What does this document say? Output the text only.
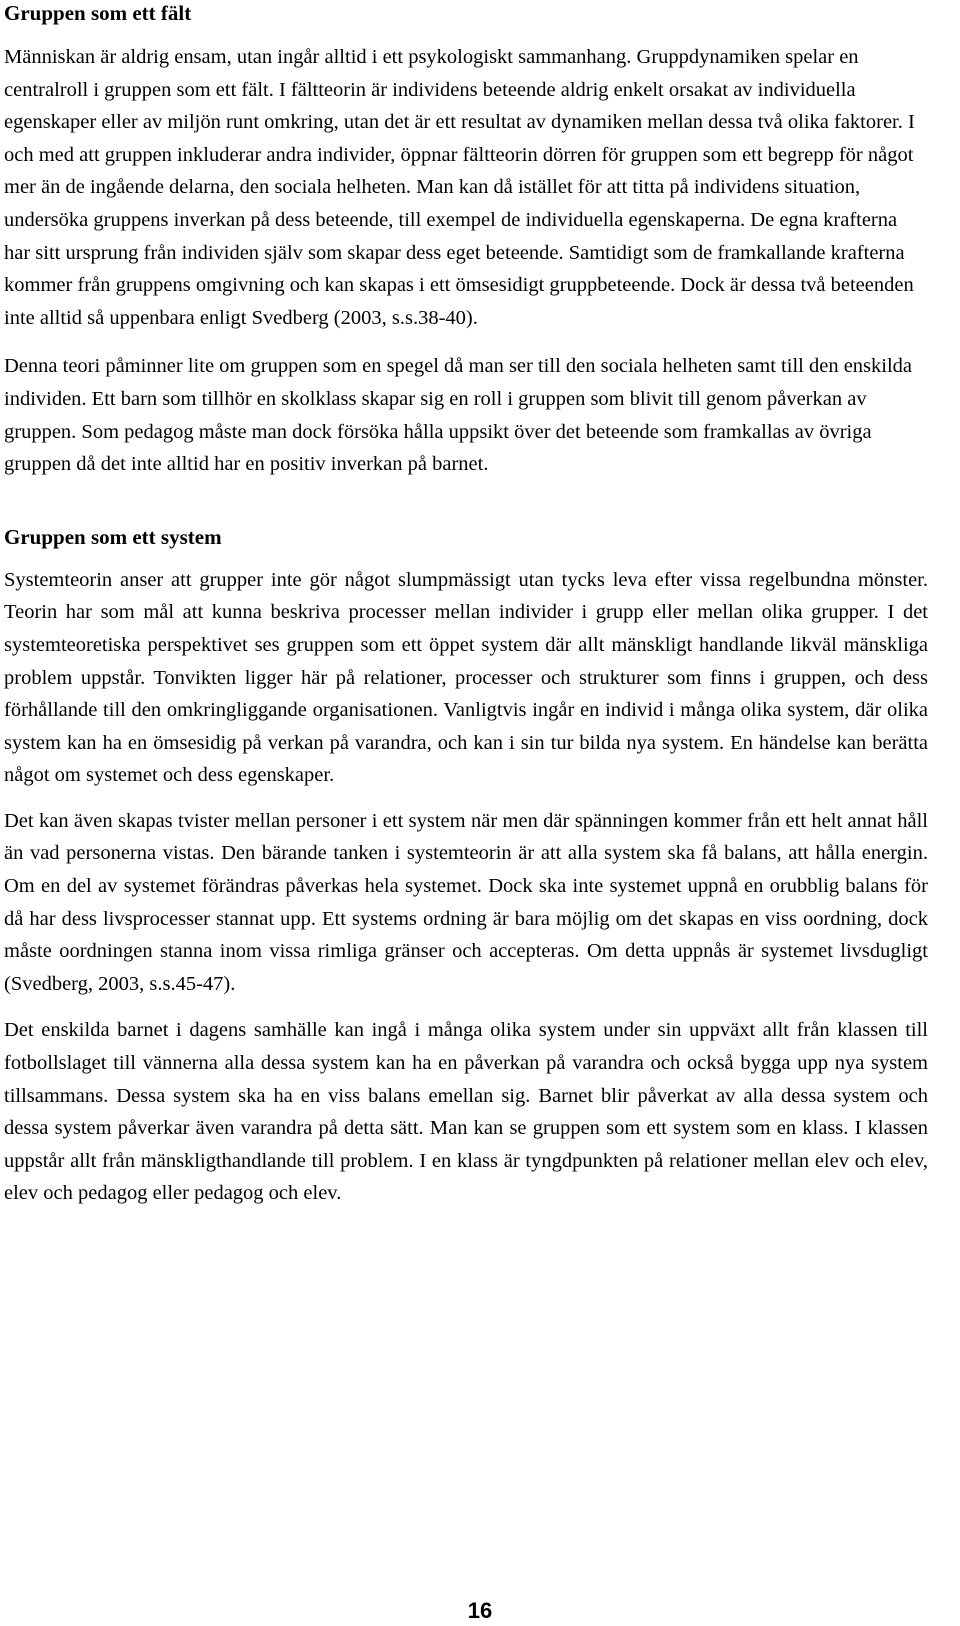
Gruppen som ett fält

Människan är aldrig ensam, utan ingår alltid i ett psykologiskt sammanhang. Gruppdynamiken spelar en centralroll i gruppen som ett fält. I fältteorin är individens beteende aldrig enkelt orsakat av individuella egenskaper eller av miljön runt omkring, utan det är ett resultat av dynamiken mellan dessa två olika faktorer. I och med att gruppen inkluderar andra individer, öppnar fältteorin dörren för gruppen som ett begrepp för något mer än de ingående delarna, den sociala helheten. Man kan då istället för att titta på individens situation, undersöka gruppens inverkan på dess beteende, till exempel de individuella egenskaperna. De egna krafterna har sitt ursprung från individen själv som skapar dess eget beteende. Samtidigt som de framkallande krafterna kommer från gruppens omgivning och kan skapas i ett ömsesidigt gruppbeteende. Dock är dessa två beteenden inte alltid så uppenbara enligt Svedberg (2003, s.s.38-40).

Denna teori påminner lite om gruppen som en spegel då man ser till den sociala helheten samt till den enskilda individen. Ett barn som tillhör en skolklass skapar sig en roll i gruppen som blivit till genom påverkan av gruppen. Som pedagog måste man dock försöka hålla uppsikt över det beteende som framkallas av övriga gruppen då det inte alltid har en positiv inverkan på barnet.

Gruppen som ett system

Systemteorin anser att grupper inte gör något slumpmässigt utan tycks leva efter vissa regelbundna mönster. Teorin har som mål att kunna beskriva processer mellan individer i grupp eller mellan olika grupper. I det systemteoretiska perspektivet ses gruppen som ett öppet system där allt mänskligt handlande likväl mänskliga problem uppstår. Tonvikten ligger här på relationer, processer och strukturer som finns i gruppen, och dess förhållande till den omkringliggande organisationen. Vanligtvis ingår en individ i många olika system, där olika system kan ha en ömsesidig på verkan på varandra, och kan i sin tur bilda nya system. En händelse kan berätta något om systemet och dess egenskaper.

Det kan även skapas tvister mellan personer i ett system när men där spänningen kommer från ett helt annat håll än vad personerna vistas. Den bärande tanken i systemteorin är att alla system ska få balans, att hålla energin. Om en del av systemet förändras påverkas hela systemet. Dock ska inte systemet uppnå en orubblig balans för då har dess livsprocesser stannat upp. Ett systems ordning är bara möjlig om det skapas en viss oordning, dock måste oordningen stanna inom vissa rimliga gränser och accepteras. Om detta uppnås är systemet livsdugligt (Svedberg, 2003, s.s.45-47).

Det enskilda barnet i dagens samhälle kan ingå i många olika system under sin uppväxt allt från klassen till fotbollslaget till vännerna alla dessa system kan ha en påverkan på varandra och också bygga upp nya system tillsammans. Dessa system ska ha en viss balans emellan sig. Barnet blir påverkat av alla dessa system och dessa system påverkar även varandra på detta sätt. Man kan se gruppen som ett system som en klass. I klassen uppstår allt från mänskligthandlande till problem. I en klass är tyngdpunkten på relationer mellan elev och elev, elev och pedagog eller pedagog och elev.

16
